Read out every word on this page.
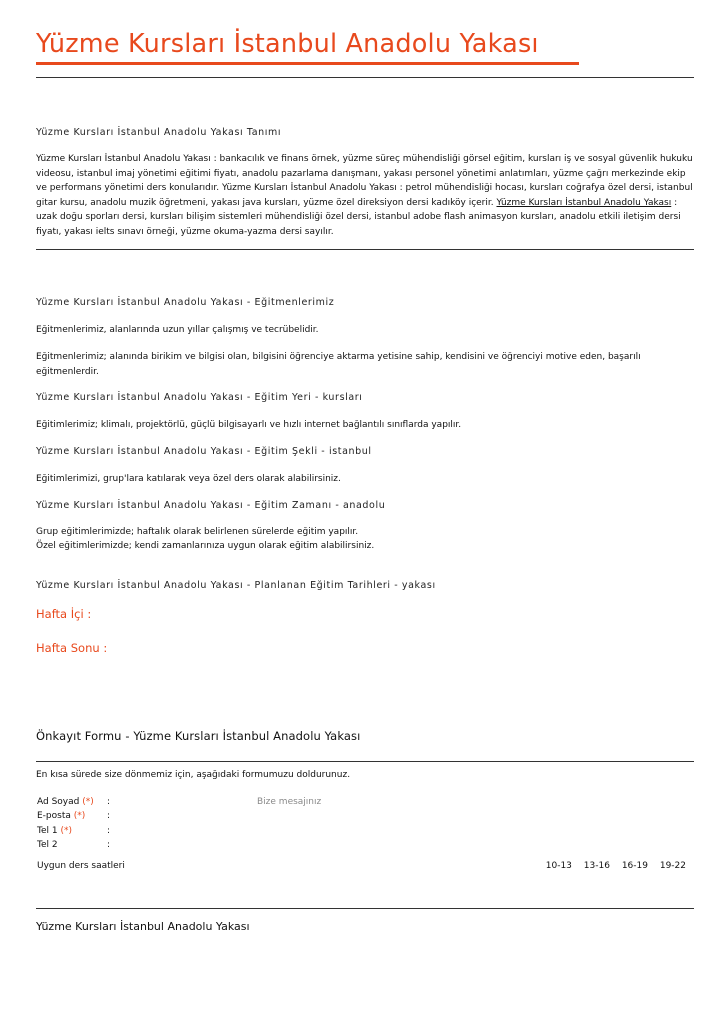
Yüzme Kursları İstanbul Anadolu Yakası
Yüzme Kursları İstanbul Anadolu Yakası Tanımı
Yüzme Kursları İstanbul Anadolu Yakası : bankacılık ve finans örnek, yüzme süreç mühendisliği görsel eğitim, kursları iş ve sosyal güvenlik hukuku videosu, istanbul imaj yönetimi eğitimi fiyatı, anadolu pazarlama danışmanı, yakası personel yönetimi anlatımları, yüzme çağrı merkezinde ekip ve performans yönetimi ders konularıdır. Yüzme Kursları İstanbul Anadolu Yakası : petrol mühendisliği hocası, kursları coğrafya özel dersi, istanbul gitar kursu, anadolu muzik öğretmeni, yakası java kursları, yüzme özel direksiyon dersi kadıköy içerir. Yüzme Kursları İstanbul Anadolu Yakası : uzak doğu sporları dersi, kursları bilişim sistemleri mühendisliği özel dersi, istanbul adobe flash animasyon kursları, anadolu etkili iletişim dersi fiyatı, yakası ielts sınavı örneği, yüzme okuma-yazma dersi sayılır.
Yüzme Kursları İstanbul Anadolu Yakası - Eğitmenlerimiz
Eğitmenlerimiz, alanlarında uzun yıllar çalışmış ve tecrübelidir.
Eğitmenlerimiz; alanında birikim ve bilgisi olan, bilgisini öğrenciye aktarma yetisine sahip, kendisini ve öğrenciyi motive eden, başarılı eğitmenlerdir.
Yüzme Kursları İstanbul Anadolu Yakası - Eğitim Yeri - kursları
Eğitimlerimiz; klimalı, projektörlü, güçlü bilgisayarlı ve hızlı internet bağlantılı sınıflarda yapılır.
Yüzme Kursları İstanbul Anadolu Yakası - Eğitim Şekli - istanbul
Eğitimlerimizi, grup'lara katılarak veya özel ders olarak alabilirsiniz.
Yüzme Kursları İstanbul Anadolu Yakası - Eğitim Zamanı - anadolu
Grup eğitimlerimizde; haftalık olarak belirlenen sürelerde eğitim yapılır.
Özel eğitimlerimizde; kendi zamanlarınıza uygun olarak eğitim alabilirsiniz.
Yüzme Kursları İstanbul Anadolu Yakası - Planlanan Eğitim Tarihleri - yakası
Hafta İçi :
Hafta Sonu :
Önkayıt Formu - Yüzme Kursları İstanbul Anadolu Yakası
En kısa sürede size dönmemiz için, aşağıdaki formumuzu doldurunuz.
Ad Soyad (*) :	Bize mesajınız
E-posta (*) :
Tel 1 (*)	:
Tel 2	:
Uygun ders saatleri	10-13 13-16 16-19 19-22
Yüzme Kursları İstanbul Anadolu Yakası
